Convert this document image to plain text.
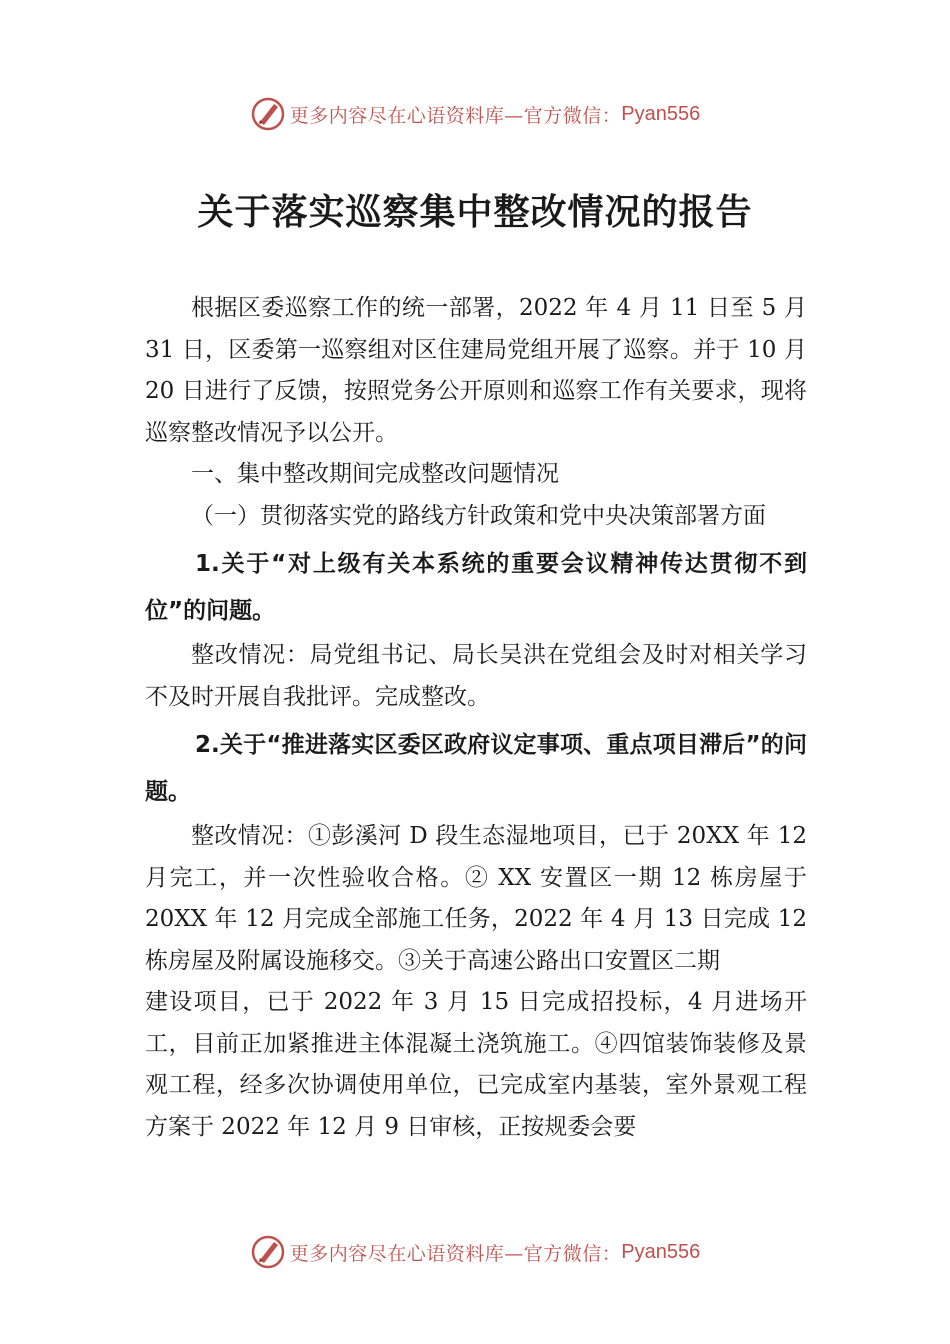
更多内容尽在心语资料库—官方微信： Pyan556
关于落实巡察集中整改情况的报告

根据区委巡察工作的统一部署，2022 年 4 月 11 日至 5 月 31 日，区委第一巡察组对区住建局党组开展了巡察。并于 10 月 20 日进行了反馈，按照党务公开原则和巡察工作有关要求，现将巡察整改情况予以公开。

一、集中整改期间完成整改问题情况

（一）贯彻落实党的路线方针政策和党中央决策部署方面

1.关于“对上级有关本系统的重要会议精神传达贯彻不到位”的问题。

整改情况：局党组书记、局长吴洪在党组会及时对相关学习不及时开展自我批评。完成整改。

2.关于“推进落实区委区政府议定事项、重点项目滞后”的问题。

整改情况：①彭溪河 D 段生态湿地项目，已于 20XX 年 12 月完工，并一次性验收合格。② XX 安置区一期 12 栋房屋于 20XX 年 12 月完成全部施工任务，2022 年 4 月 13 日完成 12 栋房屋及附属设施移交。③关于高速公路出口安置区二期

建设项目，已于 2022 年 3 月 15 日完成招投标，4 月进场开工，目前正加紧推进主体混凝土浇筑施工。④四馆装饰装修及景观工程，经多次协调使用单位，已完成室内基装，室外景观工程方案于 2022 年 12 月 9 日审核，正按规委会要

更多内容尽在心语资料库—官方微信： Pyan556
